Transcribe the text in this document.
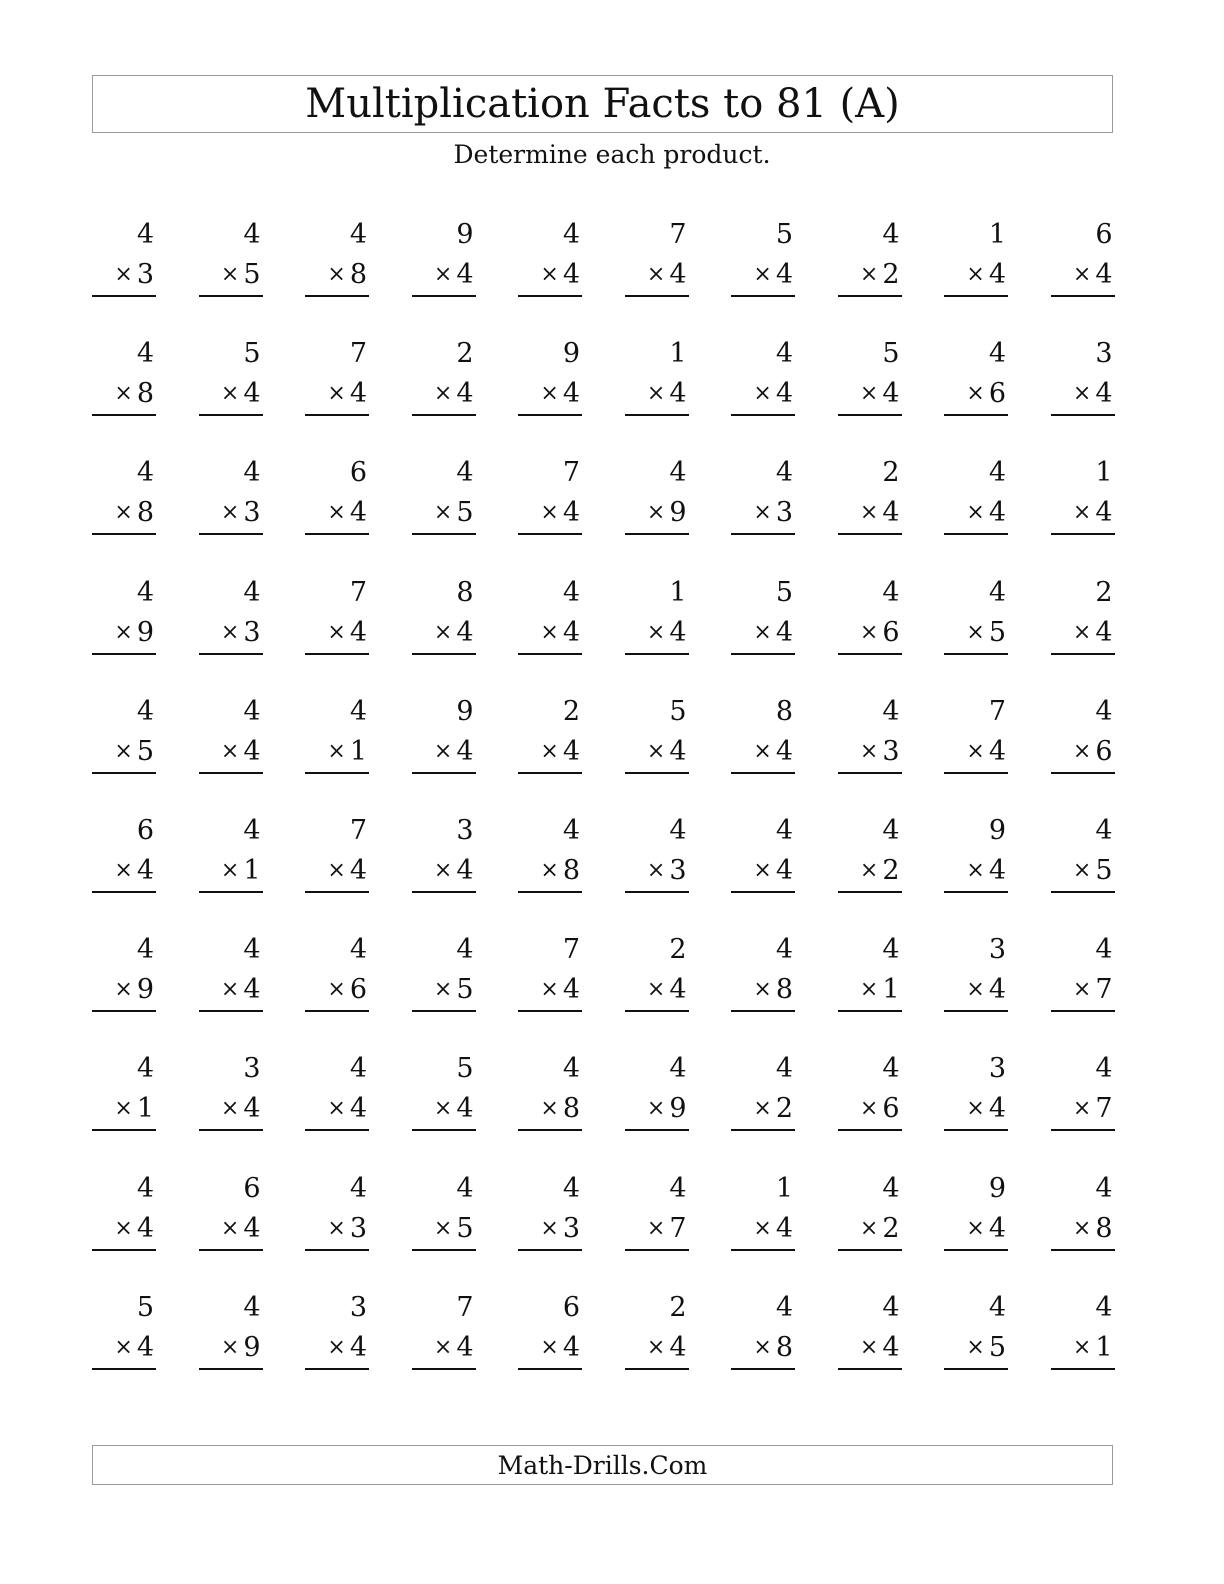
Multiplication Facts to 81 (A)
Determine each product.
4
× 3
4
× 5
4
× 8
9
× 4
4
× 4
7
× 4
5
× 4
4
× 2
1
× 4
6
× 4
4
× 8
5
× 4
7
× 4
2
× 4
9
× 4
1
× 4
4
× 4
5
× 4
4
× 6
3
× 4
4
× 8
4
× 3
6
× 4
4
× 5
7
× 4
4
× 9
4
× 3
2
× 4
4
× 4
1
× 4
4
× 9
4
× 3
7
× 4
8
× 4
4
× 4
1
× 4
5
× 4
4
× 6
4
× 5
2
× 4
4
× 5
4
× 4
4
× 1
9
× 4
2
× 4
5
× 4
8
× 4
4
× 3
7
× 4
4
× 6
6
× 4
4
× 1
7
× 4
3
× 4
4
× 8
4
× 3
4
× 4
4
× 2
9
× 4
4
× 5
4
× 9
4
× 4
4
× 6
4
× 5
7
× 4
2
× 4
4
× 8
4
× 1
3
× 4
4
× 7
4
× 1
3
× 4
4
× 4
5
× 4
4
× 8
4
× 9
4
× 2
4
× 6
3
× 4
4
× 7
4
× 4
6
× 4
4
× 3
4
× 5
4
× 3
4
× 7
1
× 4
4
× 2
9
× 4
4
× 8
5
× 4
4
× 9
3
× 4
7
× 4
6
× 4
2
× 4
4
× 8
4
× 4
4
× 5
4
× 1
Math-Drills.Com
